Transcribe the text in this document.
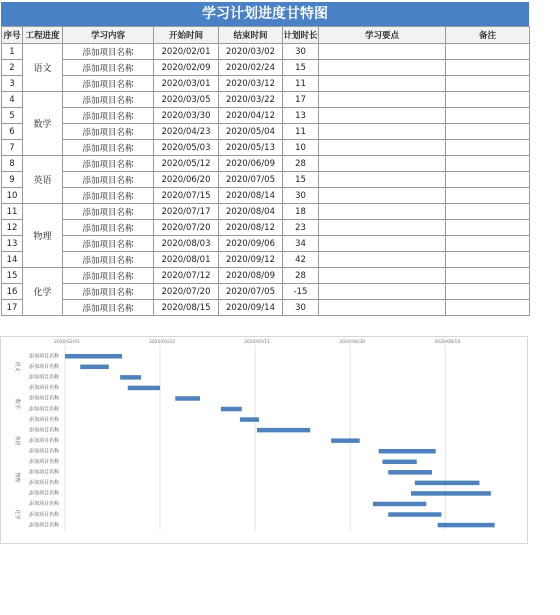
学习计划进度甘特图
序号	工程进度	学习内容	开始时间	结束时间	计划时长	学习要点	备注
1	语文	添加项目名称	2020/02/01	2020/03/02	30		
2		添加项目名称	2020/02/09	2020/02/24	15		
3		添加项目名称	2020/03/01	2020/03/12	11		
4	数学	添加项目名称	2020/03/05	2020/03/22	17		
5		添加项目名称	2020/03/30	2020/04/12	13		
6		添加项目名称	2020/04/23	2020/05/04	11		
7		添加项目名称	2020/05/03	2020/05/13	10		
8	英语	添加项目名称	2020/05/12	2020/06/09	28		
9		添加项目名称	2020/06/20	2020/07/05	15		
10		添加项目名称	2020/07/15	2020/08/14	30		
11	物理	添加项目名称	2020/07/17	2020/08/04	18		
12		添加项目名称	2020/07/20	2020/08/12	23		
13		添加项目名称	2020/08/03	2020/09/06	34		
14		添加项目名称	2020/08/01	2020/09/12	42		
15	化学	添加项目名称	2020/07/12	2020/08/09	28		
16		添加项目名称	2020/07/20	2020/07/05	-15		
17		添加项目名称	2020/08/15	2020/09/14	30		
2020/02/01	2020/03/22	2020/05/11	2020/06/30	2020/08/19
添加项目名称
添加项目名称
添加项目名称
添加项目名称
添加项目名称
添加项目名称
添加项目名称
添加项目名称
添加项目名称
添加项目名称
添加项目名称
添加项目名称
添加项目名称
添加项目名称
添加项目名称
添加项目名称
添加项目名称
语文
数学
英语
物理
化学
